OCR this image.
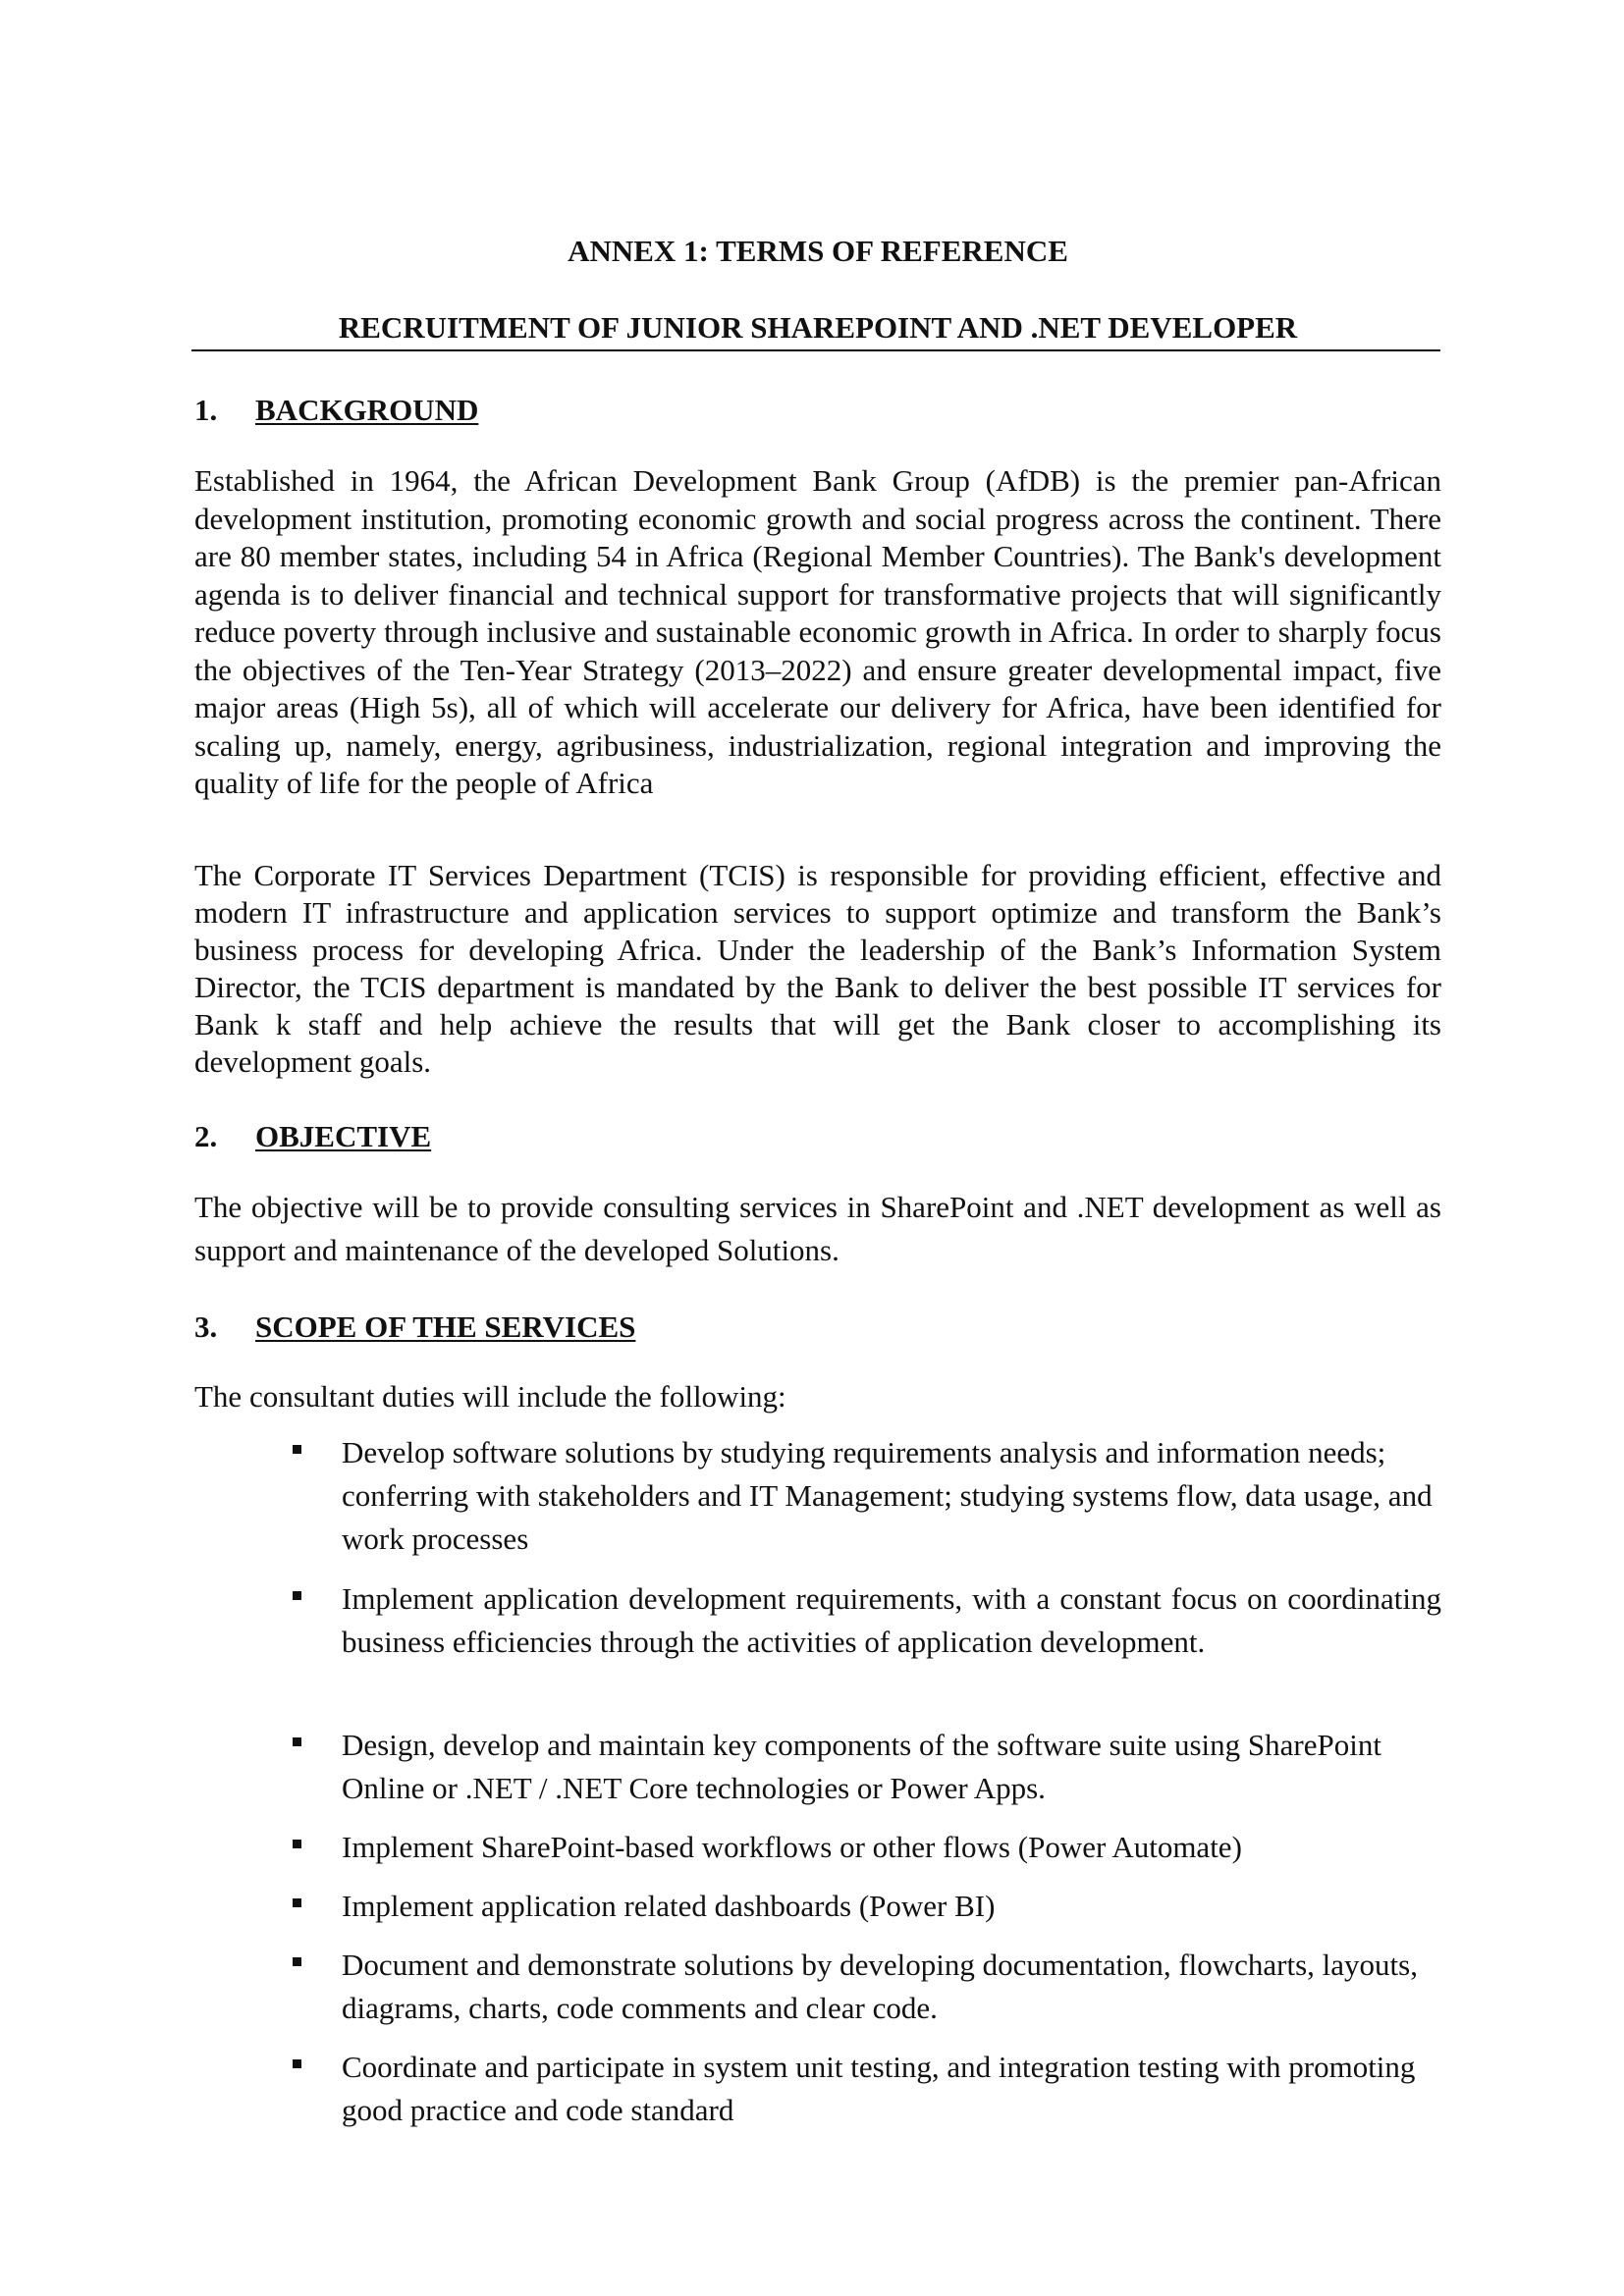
ANNEX 1: TERMS OF REFERENCE
RECRUITMENT OF JUNIOR SHAREPOINT AND .NET DEVELOPER
1. BACKGROUND

Established in 1964, the African Development Bank Group (AfDB) is the premier pan-African development institution, promoting economic growth and social progress across the continent. There are 80 member states, including 54 in Africa (Regional Member Countries). The Bank's development agenda is to deliver financial and technical support for transformative projects that will significantly reduce poverty through inclusive and sustainable economic growth in Africa. In order to sharply focus the objectives of the Ten-Year Strategy (2013–2022) and ensure greater developmental impact, five major areas (High 5s), all of which will accelerate our delivery for Africa, have been identified for scaling up, namely, energy, agribusiness, industrialization, regional integration and improving the quality of life for the people of Africa

The Corporate IT Services Department (TCIS) is responsible for providing efficient, effective and modern IT infrastructure and application services to support optimize and transform the Bank’s business process for developing Africa. Under the leadership of the Bank’s Information System Director, the TCIS department is mandated by the Bank to deliver the best possible IT services for Bank k staff and help achieve the results that will get the Bank closer to accomplishing its development goals.

2. OBJECTIVE

The objective will be to provide consulting services in SharePoint and .NET development as well as support and maintenance of the developed Solutions.

3. SCOPE OF THE SERVICES

The consultant duties will include the following:

Develop software solutions by studying requirements analysis and information needs; conferring with stakeholders and IT Management; studying systems flow, data usage, and work processes
Implement application development requirements, with a constant focus on coordinating business efficiencies through the activities of application development.
Design, develop and maintain key components of the software suite using SharePoint Online or .NET / .NET Core technologies or Power Apps.
Implement SharePoint-based workflows or other flows (Power Automate)
Implement application related dashboards (Power BI)
Document and demonstrate solutions by developing documentation, flowcharts, layouts, diagrams, charts, code comments and clear code.
Coordinate and participate in system unit testing, and integration testing with promoting good practice and code standard
